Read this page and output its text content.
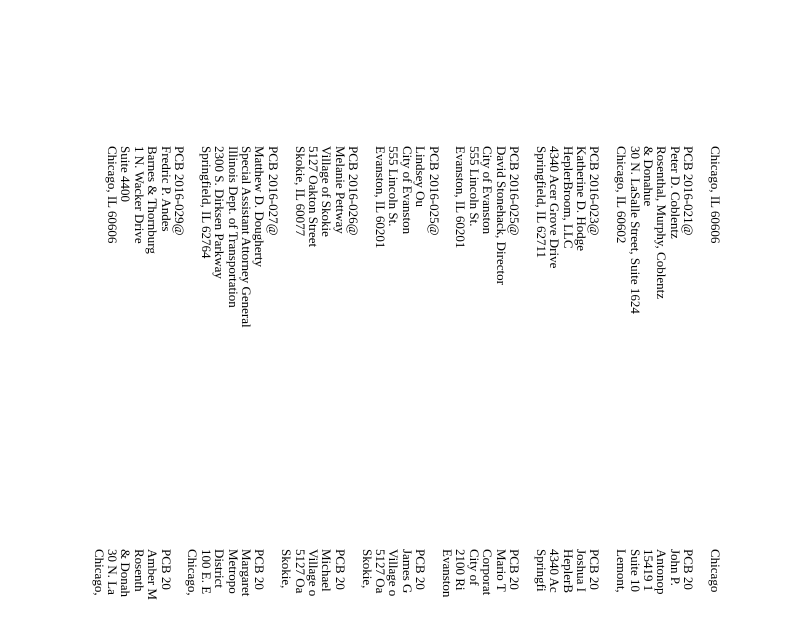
Chicago, IL 60606
PCB 2016-021@
Peter D. Coblentz
Rosenthal, Murphy, Coblentz
& Donahue
30 N. LaSalle Street, Suite 1624
Chicago, IL 60602
PCB 2016-023@
Katherine D. Hodge
HeplerBroom, LLC
4340 Acer Grove Drive
Springfield, IL 62711
PCB 2016-025@
David Stonehack, Director
City of Evanston
555 Lincoln St.
Evanston, IL 60201
PCB 2016-025@
Lindsey Ou
City of Evanston
555 Lincoln St.
Evanston, IL 60201
PCB 2016-026@
Melanie Pettway
Village of Skokie
5127 Oakton Street
Skokie, IL 60077
PCB 2016-027@
Matthew D. Dougherty
Special Assistant Attorney General
Illinois Dept. of Transportation
2300 S. Dirksen Parkway
Springfield, IL 62764
PCB 2016-029@
Fredric P. Andes
Barnes & Thornburg
1 N. Wacker Drive
Suite 4400
Chicago, IL 60606
Chicago
PCB 20
John P.
Antonop
15419 1
Suite 10
Lemont,
PCB 20
Joshua I
HeplerB
4340 Ac
Springfi
PCB 20
Mario T
Corporat
City of
2100 Ri
Evanston
PCB 20
James G
Village o
5127 Oa
Skokie,
PCB 20
Michael
Village o
5127 Oa
Skokie,
PCB 20
Margaret
Metropo
District
100 E. E
Chicago,
PCB 20
Amber M
Rosenth
& Donah
30 N. La
Chicago,
